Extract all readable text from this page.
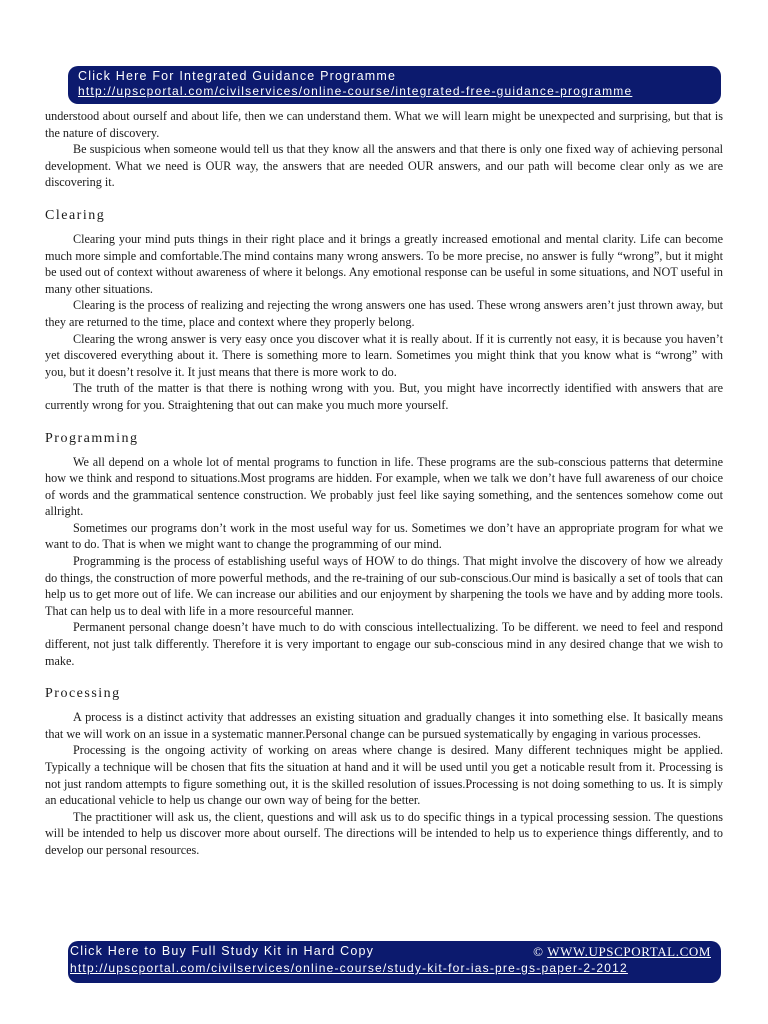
Click Here For Integrated Guidance Programme
http://upscportal.com/civilservices/online-course/integrated-free-guidance-programme

understood about ourself and about life, then we can understand them. What we will learn might be unexpected and surprising, but that is the nature of discovery.

Be suspicious when someone would tell us that they know all the answers and that there is only one fixed way of achieving personal development. What we need is OUR way, the answers that are needed OUR answers, and our path will become clear only as we are discovering it.

Clearing

Clearing your mind puts things in their right place and it brings a greatly increased emotional and mental clarity. Life can become much more simple and comfortable.The mind contains many wrong answers. To be more precise, no answer is fully “wrong”, but it might be used out of context without awareness of where it belongs. Any emotional response can be useful in some situations, and NOT useful in many other situations.

Clearing is the process of realizing and rejecting the wrong answers one has used. These wrong answers aren’t just thrown away, but they are returned to the time, place and context where they properly belong.

Clearing the wrong answer is very easy once you discover what it is really about. If it is currently not easy, it is because you haven’t yet discovered everything about it. There is something more to learn. Sometimes you might think that you know what is “wrong” with you, but it doesn’t resolve it. It just means that there is more work to do.

The truth of the matter is that there is nothing wrong with you. But, you might have incorrectly identified with answers that are currently wrong for you. Straightening that out can make you much more yourself.

Programming

We all depend on a whole lot of mental programs to function in life. These programs are the sub-conscious patterns that determine how we think and respond to situations.Most programs are hidden. For example, when we talk we don’t have full awareness of our choice of words and the grammatical sentence construction. We probably just feel like saying something, and the sentences somehow come out allright.

Sometimes our programs don’t work in the most useful way for us. Sometimes we don’t have an appropriate program for what we want to do. That is when we might want to change the programming of our mind.

Programming is the process of establishing useful ways of HOW to do things. That might involve the discovery of how we already do things, the construction of more powerful methods, and the re-training of our sub-conscious.Our mind is basically a set of tools that can help us to get more out of life. We can increase our abilities and our enjoyment by sharpening the tools we have and by adding more tools. That can help us to deal with life in a more resourceful manner.

Permanent personal change doesn’t have much to do with conscious intellectualizing. To be different. we need to feel and respond different, not just talk differently. Therefore it is very important to engage our sub-conscious mind in any desired change that we wish to make.

Processing

A process is a distinct activity that addresses an existing situation and gradually changes it into something else. It basically means that we will work on an issue in a systematic manner.Personal change can be pursued systematically by engaging in various processes.

Processing is the ongoing activity of working on areas where change is desired. Many different techniques might be applied. Typically a technique will be chosen that fits the situation at hand and it will be used until you get a noticable result from it. Processing is not just random attempts to figure something out, it is the skilled resolution of issues.Processing is not doing something to us. It is simply an educational vehicle to help us change our own way of being for the better.

The practitioner will ask us, the client, questions and will ask us to do specific things in a typical processing session. The questions will be intended to help us discover more about ourself. The directions will be intended to help us to experience things differently, and to develop our personal resources.

Click Here to Buy Full Study Kit in Hard Copy	© WWW.UPSCPORTAL.COM
http://upscportal.com/civilservices/online-course/study-kit-for-ias-pre-gs-paper-2-2012
